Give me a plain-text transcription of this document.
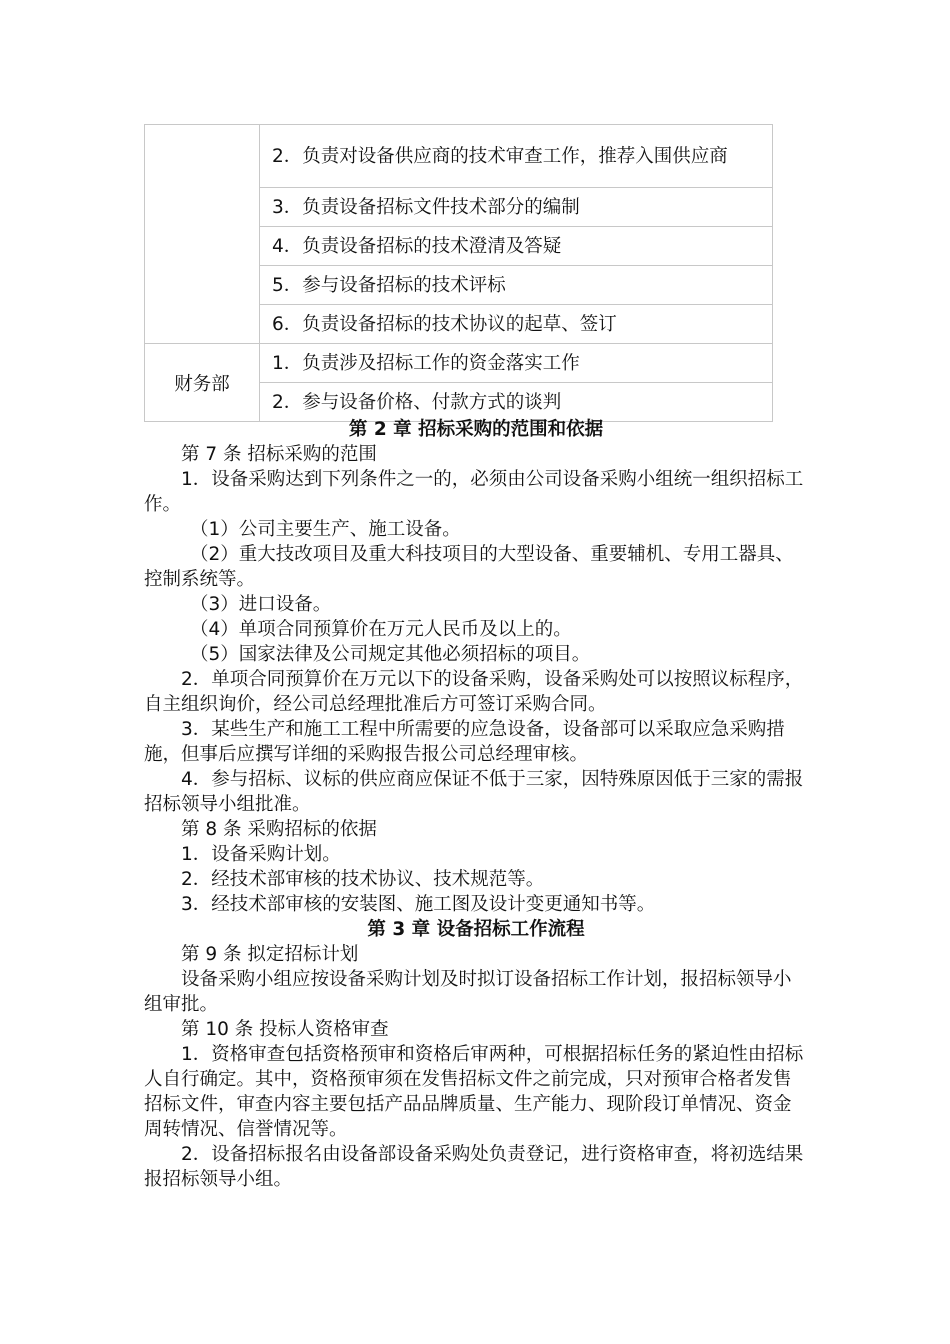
	2．负责对设备供应商的技术审查工作，推荐入围供应商
	3．负责设备招标文件技术部分的编制
	4．负责设备招标的技术澄清及答疑
	5．参与设备招标的技术评标
	6．负责设备招标的技术协议的起草、签订
财务部	1．负责涉及招标工作的资金落实工作
	2．参与设备价格、付款方式的谈判

第 2 章 招标采购的范围和依据

第 7 条 招标采购的范围

1．设备采购达到下列条件之一的，必须由公司设备采购小组统一组织招标工作。

（1）公司主要生产、施工设备。

（2）重大技改项目及重大科技项目的大型设备、重要辅机、专用工器具、控制系统等。

（3）进口设备。

（4）单项合同预算价在万元人民币及以上的。

（5）国家法律及公司规定其他必须招标的项目。

2．单项合同预算价在万元以下的设备采购，设备采购处可以按照议标程序，自主组织询价，经公司总经理批准后方可签订采购合同。

3．某些生产和施工工程中所需要的应急设备，设备部可以采取应急采购措施，但事后应撰写详细的采购报告报公司总经理审核。

4．参与招标、议标的供应商应保证不低于三家，因特殊原因低于三家的需报招标领导小组批准。

第 8 条 采购招标的依据

1．设备采购计划。

2．经技术部审核的技术协议、技术规范等。

3．经技术部审核的安装图、施工图及设计变更通知书等。

第 3 章 设备招标工作流程

第 9 条 拟定招标计划

设备采购小组应按设备采购计划及时拟订设备招标工作计划，报招标领导小组审批。

第 10 条 投标人资格审查

1．资格审查包括资格预审和资格后审两种，可根据招标任务的紧迫性由招标人自行确定。其中，资格预审须在发售招标文件之前完成，只对预审合格者发售招标文件，审查内容主要包括产品品牌质量、生产能力、现阶段订单情况、资金周转情况、信誉情况等。

2．设备招标报名由设备部设备采购处负责登记，进行资格审查，将初选结果报招标领导小组。
